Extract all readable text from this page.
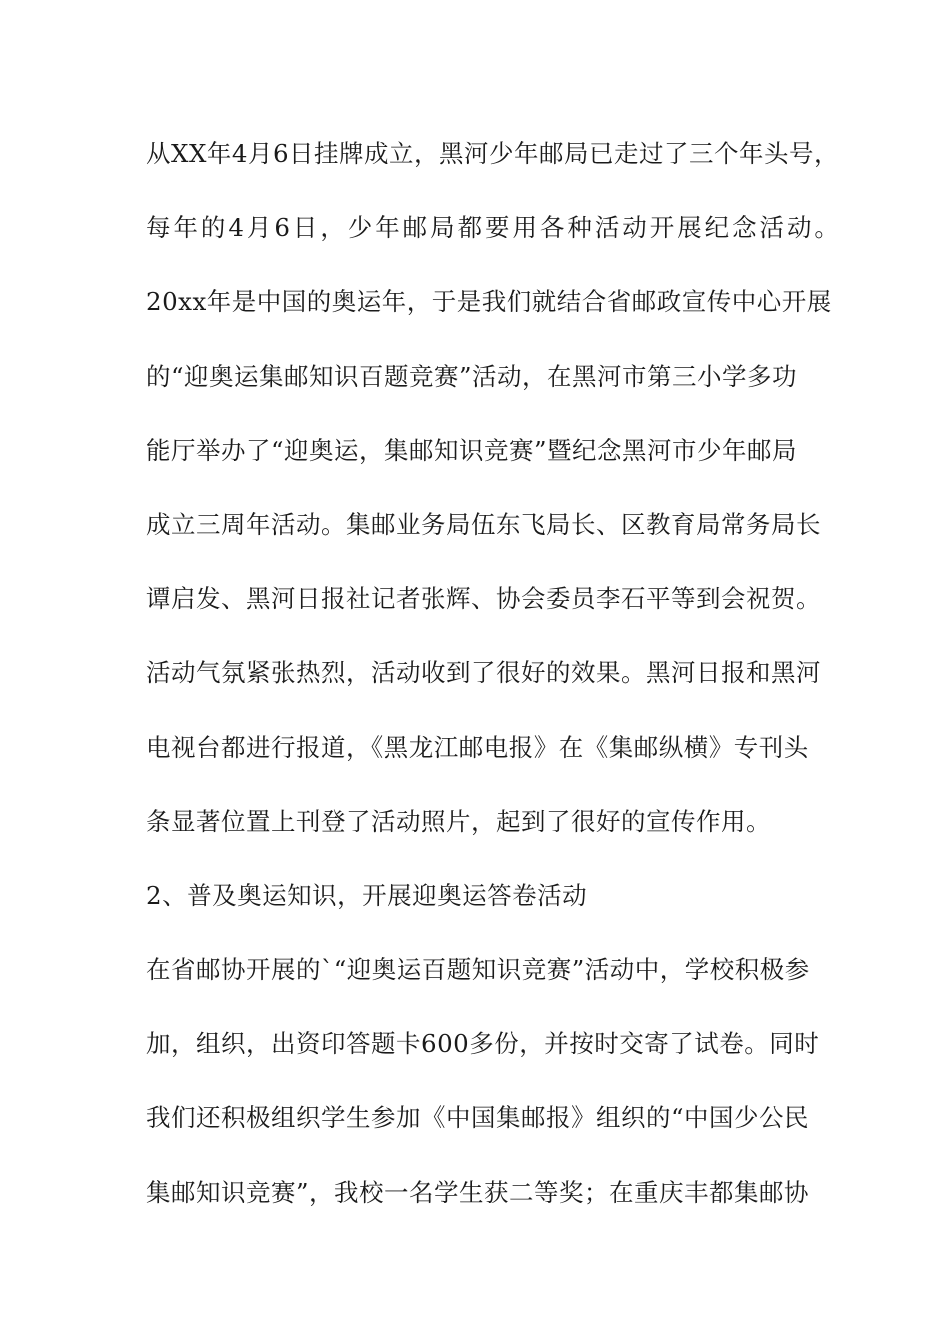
从XX年4月6日挂牌成立，黑河少年邮局已走过了三个年头号，
每年的4月6日，少年邮局都要用各种活动开展纪念活动。
20xx年是中国的奥运年，于是我们就结合省邮政宣传中心开展
的“迎奥运集邮知识百题竞赛”活动，在黑河市第三小学多功
能厅举办了“迎奥运，集邮知识竞赛”暨纪念黑河市少年邮局
成立三周年活动。集邮业务局伍东飞局长、区教育局常务局长
谭启发、黑河日报社记者张辉、协会委员李石平等到会祝贺。
活动气氛紧张热烈，活动收到了很好的效果。黑河日报和黑河
电视台都进行报道，《黑龙江邮电报》在《集邮纵横》专刊头
条显著位置上刊登了活动照片，起到了很好的宣传作用。
2、普及奥运知识，开展迎奥运答卷活动
在省邮协开展的`“迎奥运百题知识竞赛”活动中，学校积极参
加，组织，出资印答题卡600多份，并按时交寄了试卷。同时
我们还积极组织学生参加《中国集邮报》组织的“中国少公民
集邮知识竞赛”，我校一名学生获二等奖；在重庆丰都集邮协
